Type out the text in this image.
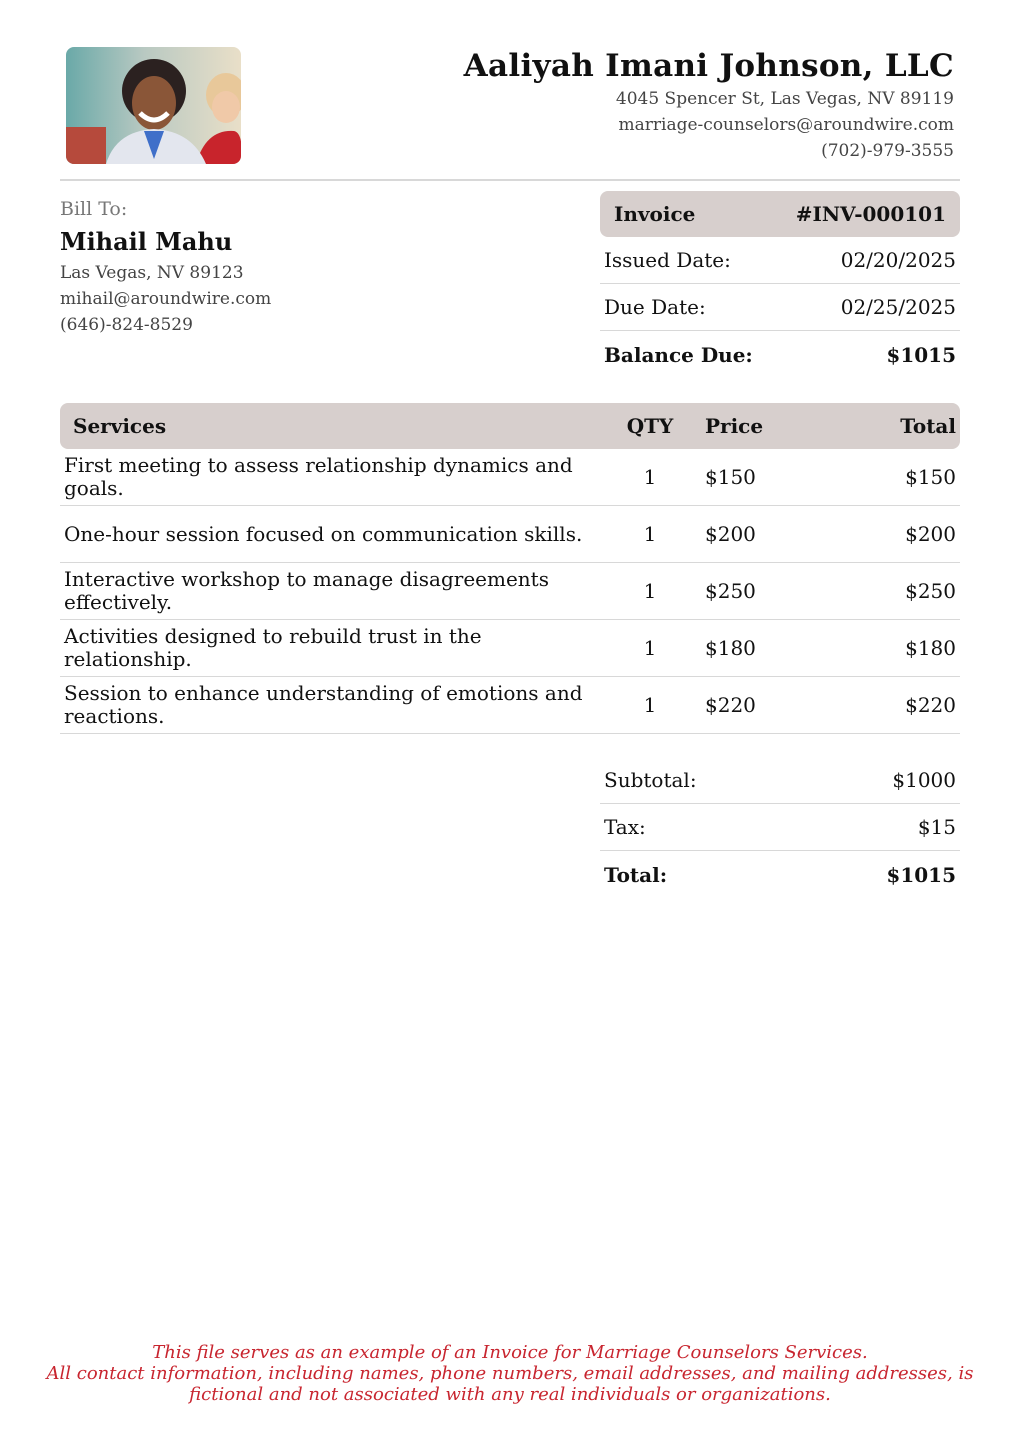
Aaliyah Imani Johnson, LLC
4045 Spencer St, Las Vegas, NV 89119
marriage-counselors@aroundwire.com
(702)-979-3555
Bill To:
Mihail Mahu
Las Vegas, NV 89123
mihail@aroundwire.com
(646)-824-8529
Invoice	#INV-000101
Issued Date:	02/20/2025
Due Date:	02/25/2025
Balance Due:	$1015
Services	QTY	Price	Total
First meeting to assess relationship dynamics and goals.	1	$150	$150
One-hour session focused on communication skills.	1	$200	$200
Interactive workshop to manage disagreements effectively.	1	$250	$250
Activities designed to rebuild trust in the relationship.	1	$180	$180
Session to enhance understanding of emotions and reactions.	1	$220	$220
Subtotal:	$1000
Tax:	$15
Total:	$1015
This file serves as an example of an Invoice for Marriage Counselors Services.
All contact information, including names, phone numbers, email addresses, and mailing addresses, is
fictional and not associated with any real individuals or organizations.
